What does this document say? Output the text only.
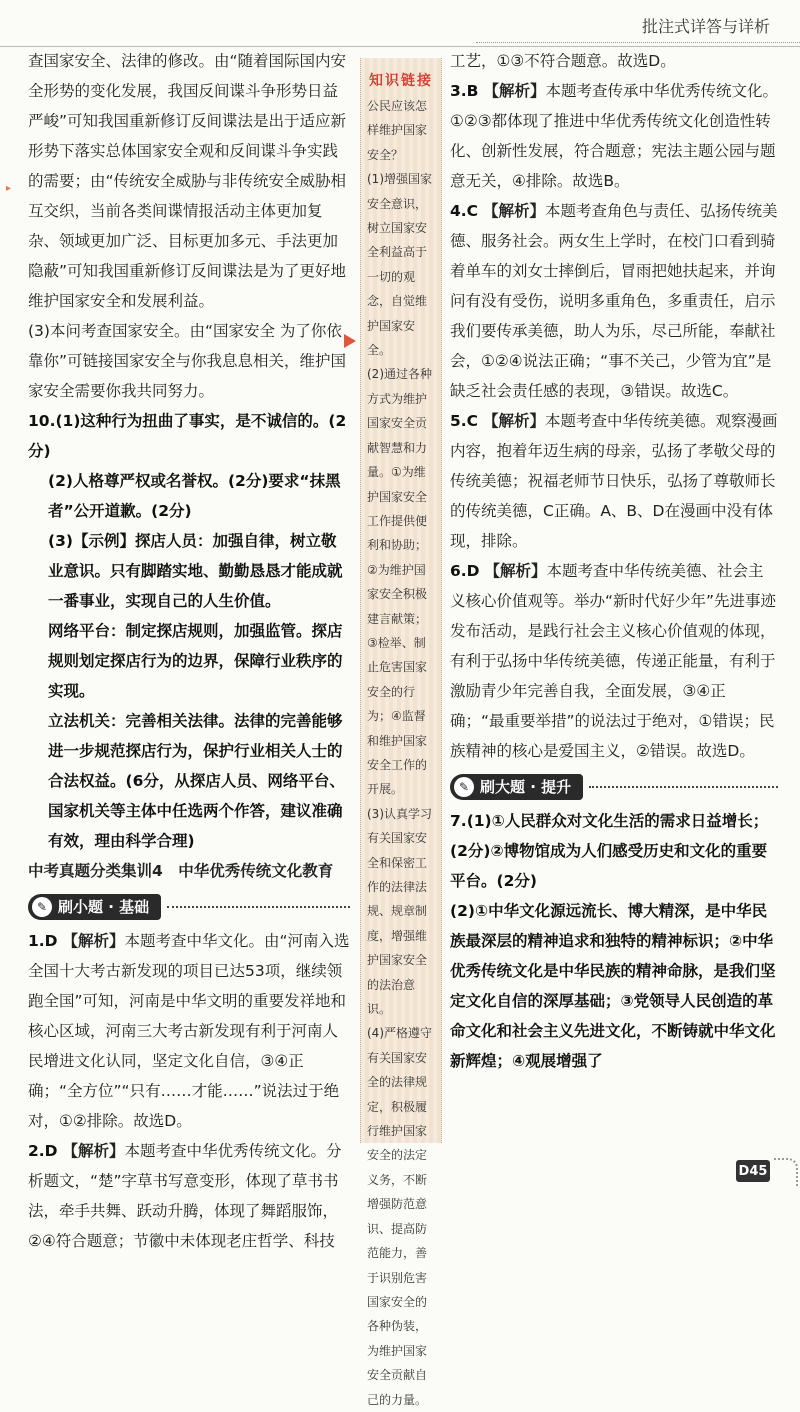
批注式详答与详析
▸

查国家安全、法律的修改。由“随着国际国内安全形势的变化发展，我国反间谍斗争形势日益严峻”可知我国重新修订反间谍法是出于适应新形势下落实总体国家安全观和反间谍斗争实践的需要；由“传统安全威胁与非传统安全威胁相互交织，当前各类间谍情报活动主体更加复杂、领域更加广泛、目标更加多元、手法更加隐蔽”可知我国重新修订反间谍法是为了更好地维护国家安全和发展利益。

(3)本问考查国家安全。由“国家安全 为了你依靠你”可链接国家安全与你我息息相关，维护国家安全需要你我共同努力。

10.(1)这种行为扭曲了事实，是不诚信的。(2分)

(2)人格尊严权或名誉权。(2分)要求“抹黑者”公开道歉。(2分)

(3)【示例】探店人员：加强自律，树立敬业意识。只有脚踏实地、勤勤恳恳才能成就一番事业，实现自己的人生价值。

网络平台：制定探店规则，加强监管。探店规则划定探店行为的边界，保障行业秩序的实现。

立法机关：完善相关法律。法律的完善能够进一步规范探店行为，保护行业相关人士的合法权益。(6分，从探店人员、网络平台、国家机关等主体中任选两个作答，建议准确有效，理由科学合理)

中考真题分类集训4　中华优秀传统文化教育

✎ 刷小题 · 基础

1.D 【解析】本题考查中华文化。由“河南入选全国十大考古新发现的项目已达53项，继续领跑全国”可知，河南是中华文明的重要发祥地和核心区域，河南三大考古新发现有利于河南人民增进文化认同，坚定文化自信，③④正确；“全方位”“只有……才能……”说法过于绝对，①②排除。故选D。

2.D 【解析】本题考查中华优秀传统文化。分析题文，“楚”字草书写意变形，体现了草书书法，牵手共舞、跃动升腾，体现了舞蹈服饰，②④符合题意；节徽中未体现老庄哲学、科技

知识链接

公民应该怎样维护国家安全？

(1)增强国家安全意识，树立国家安全利益高于一切的观念，自觉维护国家安全。

(2)通过各种方式为维护国家安全贡献智慧和力量。①为维护国家安全工作提供便利和协助；②为维护国家安全积极建言献策；③检举、制止危害国家安全的行为；④监督和维护国家安全工作的开展。

(3)认真学习有关国家安全和保密工作的法律法规、规章制度，增强维护国家安全的法治意识。

(4)严格遵守有关国家安全的法律规定，积极履行维护国家安全的法定义务，不断增强防范意识、提高防范能力，善于识别危害国家安全的各种伪装，为维护国家安全贡献自己的力量。

工艺，①③不符合题意。故选D。

3.B 【解析】本题考查传承中华优秀传统文化。①②③都体现了推进中华优秀传统文化创造性转化、创新性发展，符合题意；宪法主题公园与题意无关，④排除。故选B。

4.C 【解析】本题考查角色与责任、弘扬传统美德、服务社会。两女生上学时，在校门口看到骑着单车的刘女士摔倒后，冒雨把她扶起来，并询问有没有受伤，说明多重角色，多重责任，启示我们要传承美德，助人为乐，尽己所能，奉献社会，①②④说法正确；“事不关己，少管为宜”是缺乏社会责任感的表现，③错误。故选C。

5.C 【解析】本题考查中华传统美德。观察漫画内容，抱着年迈生病的母亲，弘扬了孝敬父母的传统美德；祝福老师节日快乐，弘扬了尊敬师长的传统美德，C正确。A、B、D在漫画中没有体现，排除。

6.D 【解析】本题考查中华传统美德、社会主义核心价值观等。举办“新时代好少年”先进事迹发布活动，是践行社会主义核心价值观的体现，有利于弘扬中华传统美德，传递正能量，有利于激励青少年完善自我，全面发展，③④正确；“最重要举措”的说法过于绝对，①错误；民族精神的核心是爱国主义，②错误。故选D。

✎ 刷大题 · 提升

7.(1)①人民群众对文化生活的需求日益增长；(2分)②博物馆成为人们感受历史和文化的重要平台。(2分)

(2)①中华文化源远流长、博大精深，是中华民族最深层的精神追求和独特的精神标识；②中华优秀传统文化是中华民族的精神命脉，是我们坚定文化自信的深厚基础；③党领导人民创造的革命文化和社会主义先进文化，不断铸就中华文化新辉煌；④观展增强了

D45
